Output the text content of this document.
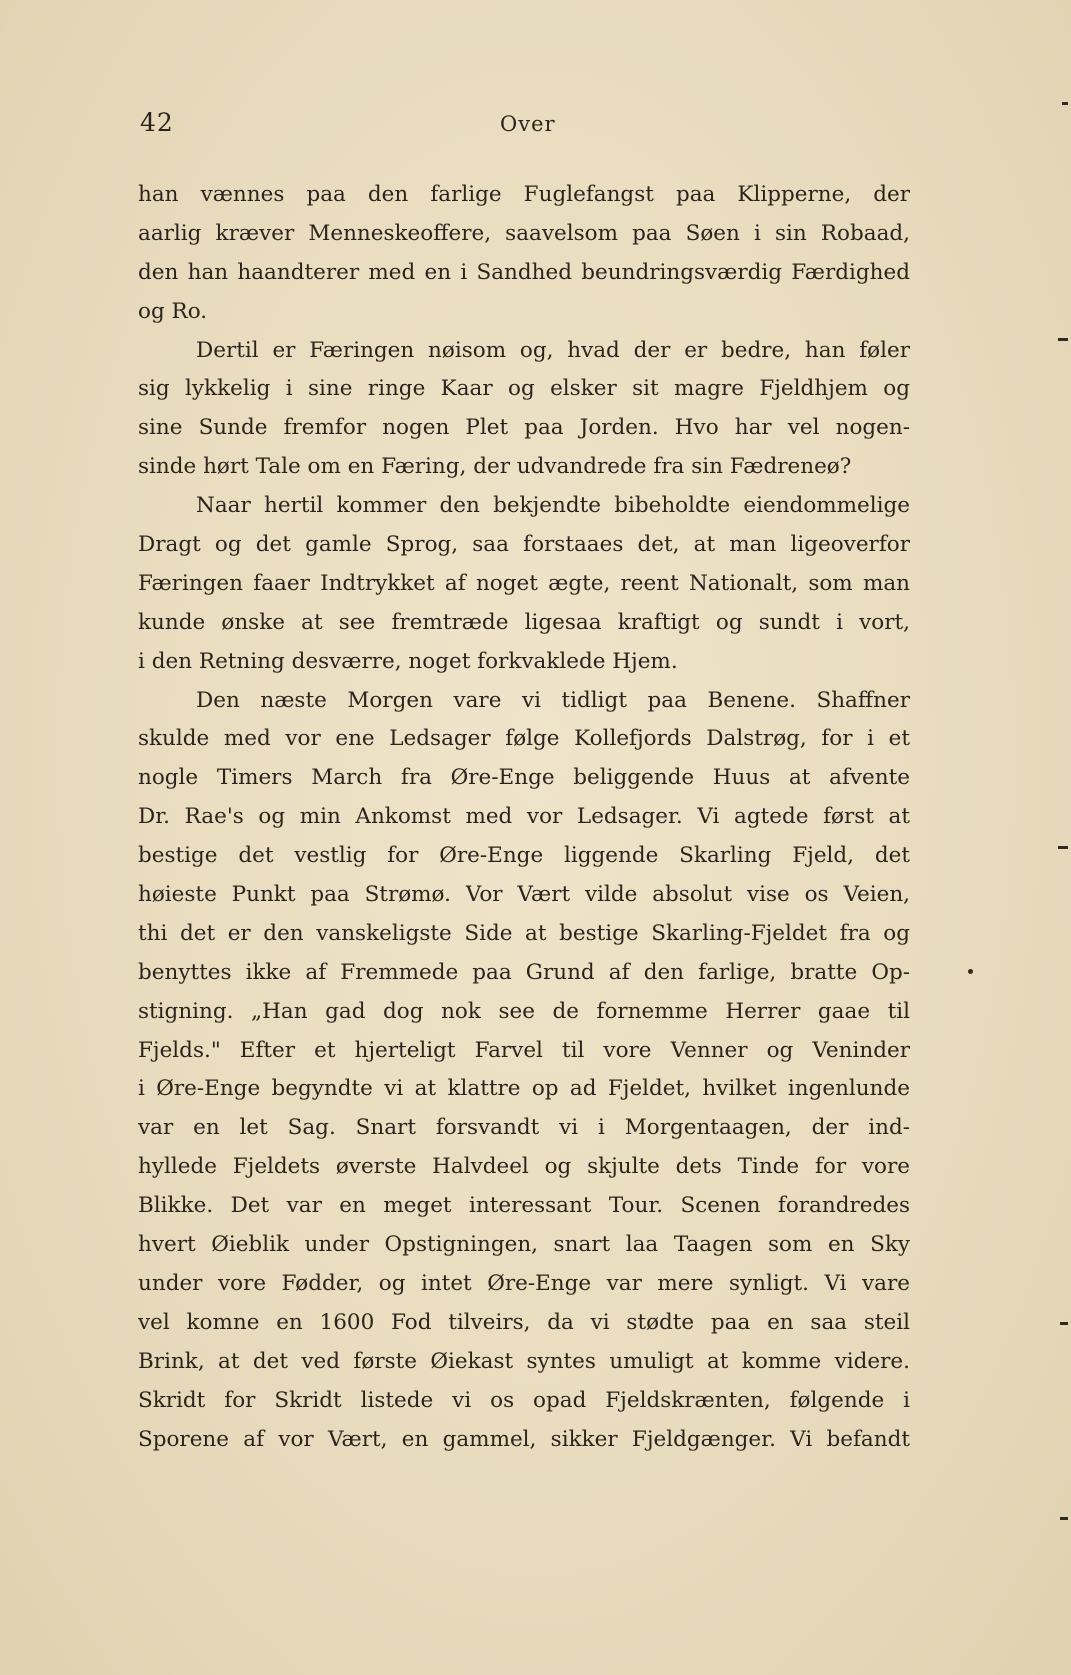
42	Over
han vænnes paa den farlige Fuglefangst paa Klipperne, der
aarlig kræver Menneskeoffere, saavelsom paa Søen i sin Robaad,
den han haandterer med en i Sandhed beundringsværdig Færdighed
og Ro.
Dertil er Færingen nøisom og, hvad der er bedre, han føler
sig lykkelig i sine ringe Kaar og elsker sit magre Fjeldhjem og
sine Sunde fremfor nogen Plet paa Jorden. Hvo har vel nogen-
sinde hørt Tale om en Færing, der udvandrede fra sin Fædreneø?
Naar hertil kommer den bekjendte bibeholdte eiendommelige
Dragt og det gamle Sprog, saa forstaaes det, at man ligeoverfor
Færingen faaer Indtrykket af noget ægte, reent Nationalt, som man
kunde ønske at see fremtræde ligesaa kraftigt og sundt i vort,
i den Retning desværre, noget forkvaklede Hjem.
Den næste Morgen vare vi tidligt paa Benene. Shaffner
skulde med vor ene Ledsager følge Kollefjords Dalstrøg, for i et
nogle Timers March fra Øre-Enge beliggende Huus at afvente
Dr. Rae's og min Ankomst med vor Ledsager. Vi agtede først at
bestige det vestlig for Øre-Enge liggende Skarling Fjeld, det
høieste Punkt paa Strømø. Vor Vært vilde absolut vise os Veien,
thi det er den vanskeligste Side at bestige Skarling-Fjeldet fra og
benyttes ikke af Fremmede paa Grund af den farlige, bratte Op-
stigning. „Han gad dog nok see de fornemme Herrer gaae til
Fjelds." Efter et hjerteligt Farvel til vore Venner og Veninder
i Øre-Enge begyndte vi at klattre op ad Fjeldet, hvilket ingenlunde
var en let Sag. Snart forsvandt vi i Morgentaagen, der ind-
hyllede Fjeldets øverste Halvdeel og skjulte dets Tinde for vore
Blikke. Det var en meget interessant Tour. Scenen forandredes
hvert Øieblik under Opstigningen, snart laa Taagen som en Sky
under vore Fødder, og intet Øre-Enge var mere synligt. Vi vare
vel komne en 1600 Fod tilveirs, da vi stødte paa en saa steil
Brink, at det ved første Øiekast syntes umuligt at komme videre.
Skridt for Skridt listede vi os opad Fjeldskrænten, følgende i
Sporene af vor Vært, en gammel, sikker Fjeldgænger. Vi befandt
